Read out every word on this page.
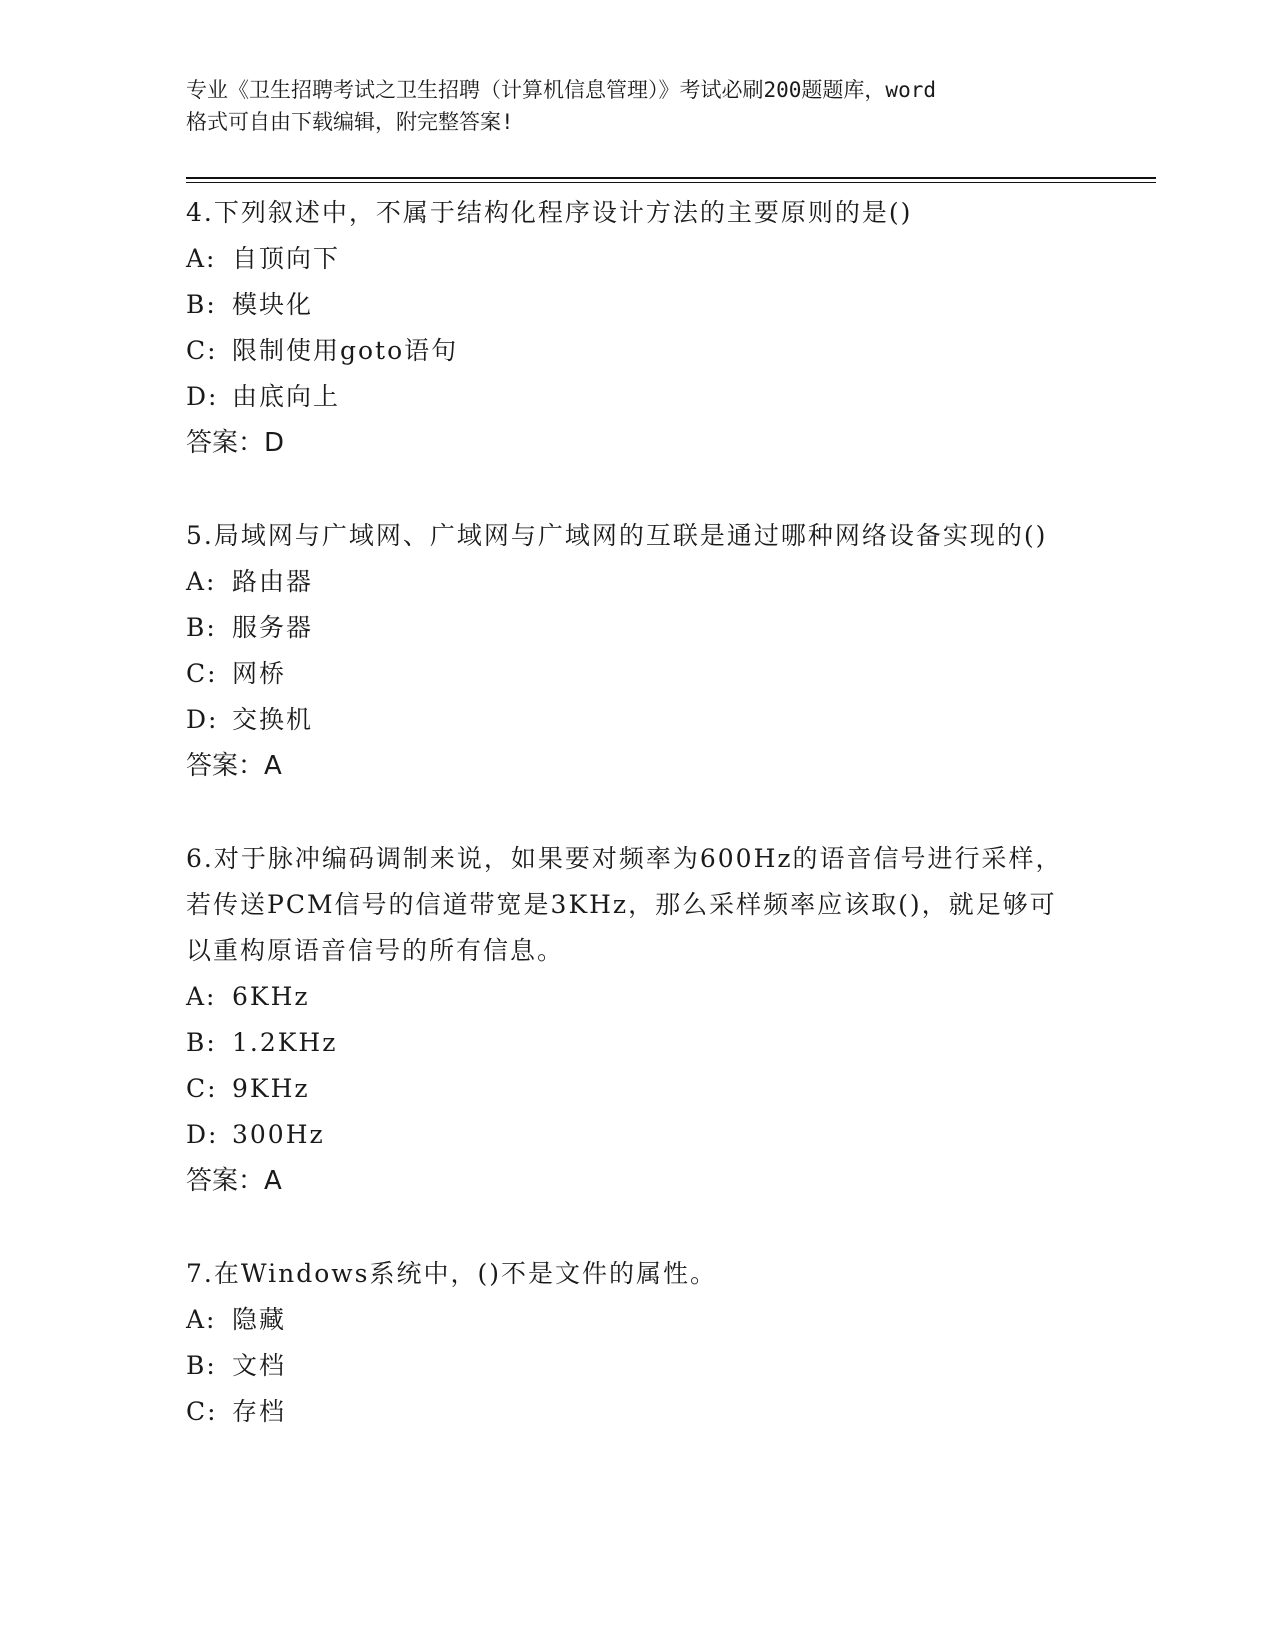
专业《卫生招聘考试之卫生招聘（计算机信息管理）》考试必刷200题题库，word
格式可自由下载编辑，附完整答案!

4.下列叙述中，不属于结构化程序设计方法的主要原则的是()

A: 自顶向下
B: 模块化
C: 限制使用goto语句
D: 由底向上

答案：D

5.局域网与广域网、广域网与广域网的互联是通过哪种网络设备实现的()

A: 路由器
B: 服务器
C: 网桥
D: 交换机

答案：A

6.对于脉冲编码调制来说，如果要对频率为600Hz的语音信号进行采样，若传送PCM信号的信道带宽是3KHz，那么采样频率应该取()，就足够可以重构原语音信号的所有信息。

A: 6KHz
B: 1.2KHz
C: 9KHz
D: 300Hz

答案：A

7.在Windows系统中，()不是文件的属性。

A: 隐藏
B: 文档
C: 存档
